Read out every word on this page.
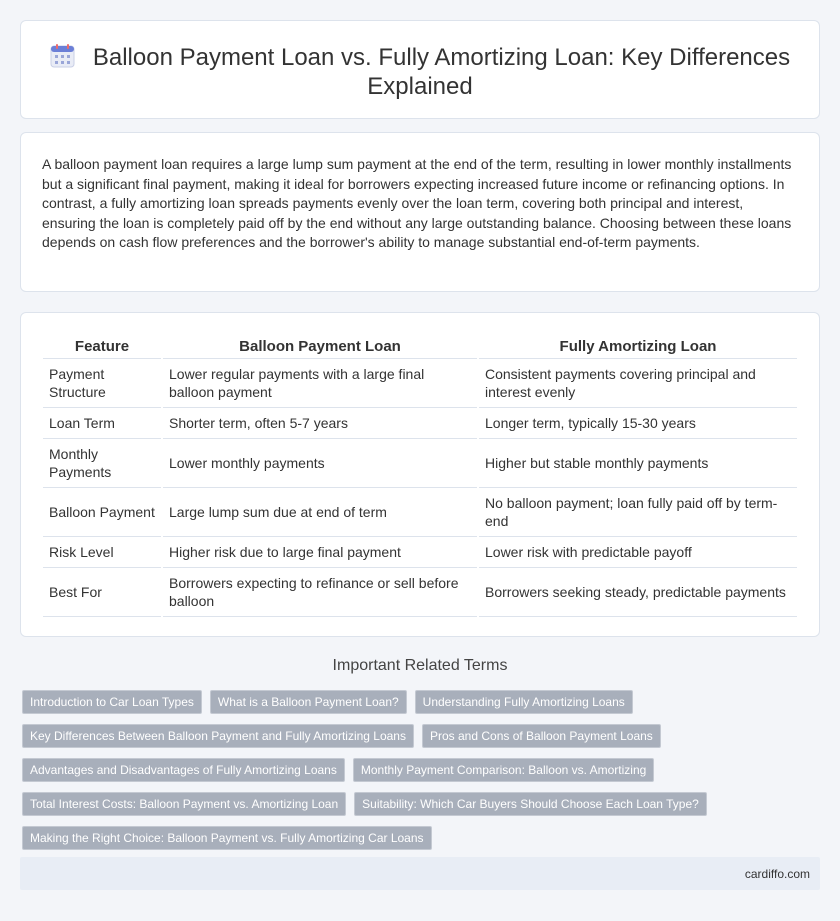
Balloon Payment Loan vs. Fully Amortizing Loan: Key Differences Explained

A balloon payment loan requires a large lump sum payment at the end of the term, resulting in lower monthly installments but a significant final payment, making it ideal for borrowers expecting increased future income or refinancing options. In contrast, a fully amortizing loan spreads payments evenly over the loan term, covering both principal and interest, ensuring the loan is completely paid off by the end without any large outstanding balance. Choosing between these loans depends on cash flow preferences and the borrower's ability to manage substantial end-of-term payments.

Feature	Balloon Payment Loan	Fully Amortizing Loan
Payment Structure	Lower regular payments with a large final balloon payment	Consistent payments covering principal and interest evenly
Loan Term	Shorter term, often 5-7 years	Longer term, typically 15-30 years
Monthly Payments	Lower monthly payments	Higher but stable monthly payments
Balloon Payment	Large lump sum due at end of term	No balloon payment; loan fully paid off by term-end
Risk Level	Higher risk due to large final payment	Lower risk with predictable payoff
Best For	Borrowers expecting to refinance or sell before balloon	Borrowers seeking steady, predictable payments
Important Related Terms
Introduction to Car Loan Types	What is a Balloon Payment Loan?	Understanding Fully Amortizing Loans
Key Differences Between Balloon Payment and Fully Amortizing Loans	Pros and Cons of Balloon Payment Loans
Advantages and Disadvantages of Fully Amortizing Loans	Monthly Payment Comparison: Balloon vs. Amortizing
Total Interest Costs: Balloon Payment vs. Amortizing Loan	Suitability: Which Car Buyers Should Choose Each Loan Type?
Making the Right Choice: Balloon Payment vs. Fully Amortizing Car Loans
cardiffo.com
